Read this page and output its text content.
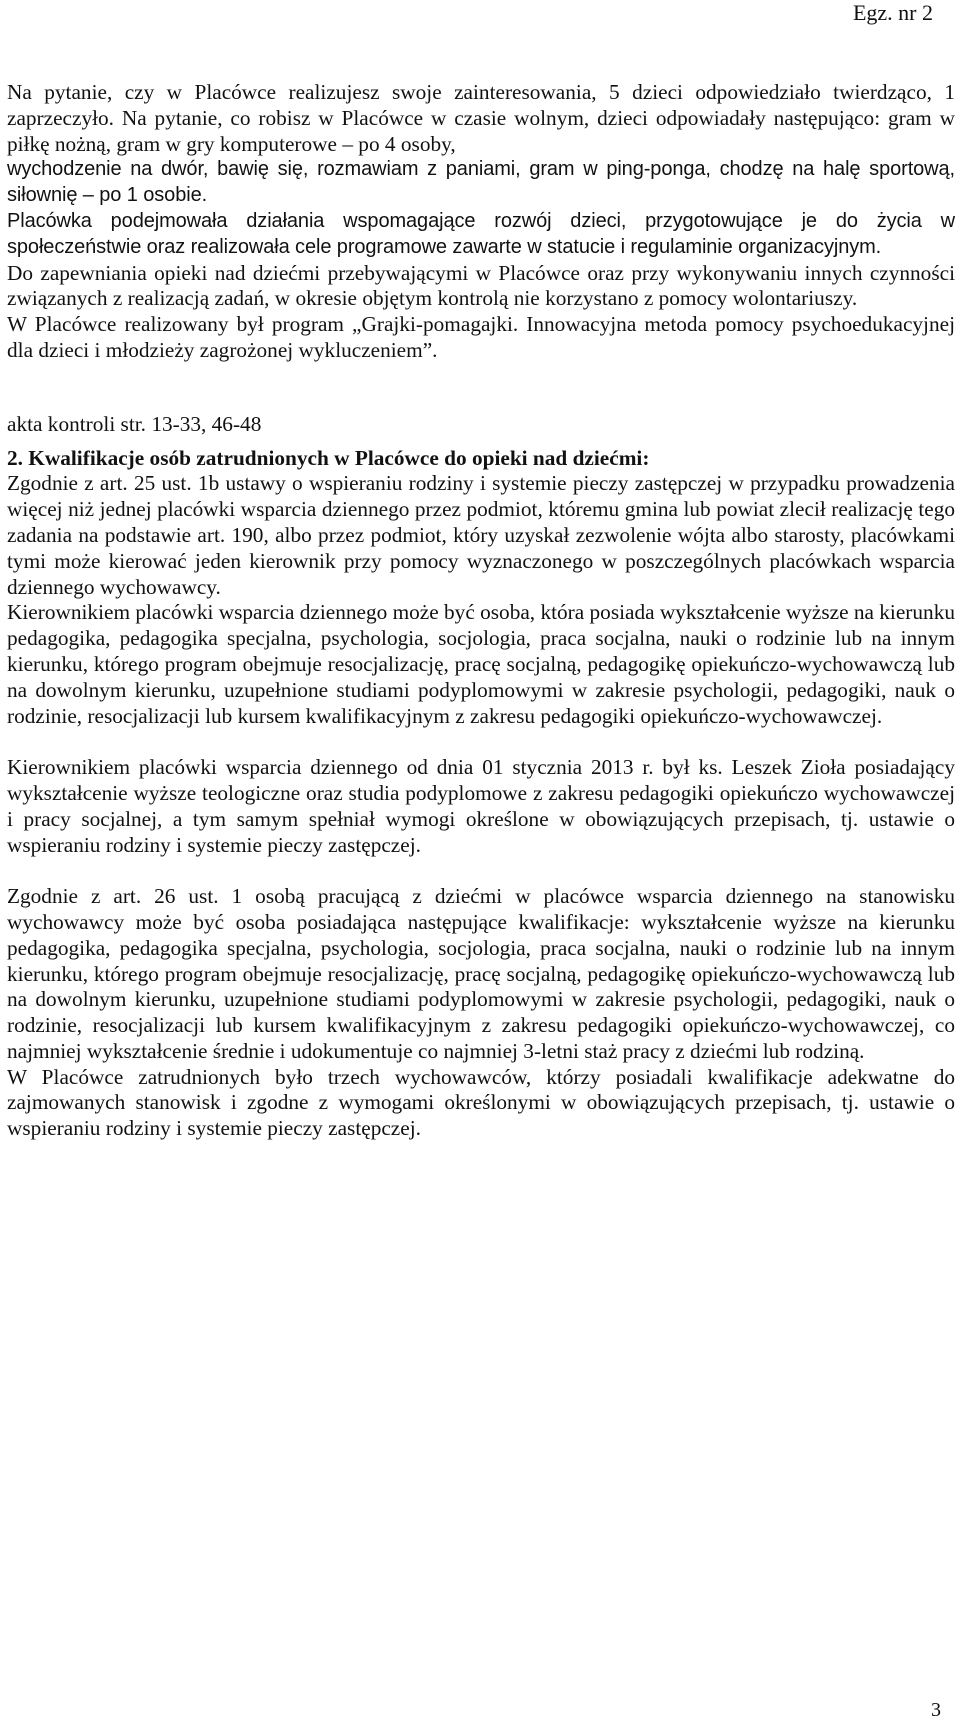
Egz. nr 2

Na pytanie, czy w Placówce realizujesz swoje zainteresowania, 5 dzieci odpowiedziało twierdząco, 1 zaprzeczyło. Na pytanie, co robisz w Placówce w czasie wolnym, dzieci odpowiadały następująco: gram w piłkę nożną, gram w gry komputerowe – po 4 osoby,

wychodzenie na dwór, bawię się, rozmawiam z paniami, gram w ping-ponga, chodzę na halę sportową, siłownię – po 1 osobie.

Placówka podejmowała działania wspomagające rozwój dzieci, przygotowujące je do życia w społeczeństwie oraz realizowała cele programowe zawarte w statucie i regulaminie organizacyjnym.

Do zapewniania opieki nad dziećmi przebywającymi w Placówce oraz przy wykonywaniu innych czynności związanych z realizacją zadań, w okresie objętym kontrolą nie korzystano z pomocy wolontariuszy.

W Placówce realizowany był program „Grajki-pomagajki. Innowacyjna metoda pomocy psychoedukacyjnej dla dzieci i młodzieży zagrożonej wykluczeniem”.

akta kontroli str. 13-33, 46-48

2. Kwalifikacje osób zatrudnionych w Placówce do opieki nad dziećmi:

Zgodnie z art. 25 ust. 1b ustawy o wspieraniu rodziny i systemie pieczy zastępczej w przypadku prowadzenia więcej niż jednej placówki wsparcia dziennego przez podmiot, któremu gmina lub powiat zlecił realizację tego zadania na podstawie art. 190, albo przez podmiot, który uzyskał zezwolenie wójta albo starosty, placówkami tymi może kierować jeden kierownik przy pomocy wyznaczonego w poszczególnych placówkach wsparcia dziennego wychowawcy.

Kierownikiem placówki wsparcia dziennego może być osoba, która posiada wykształcenie wyższe na kierunku pedagogika, pedagogika specjalna, psychologia, socjologia, praca socjalna, nauki o rodzinie lub na innym kierunku, którego program obejmuje resocjalizację, pracę socjalną, pedagogikę opiekuńczo-wychowawczą lub na dowolnym kierunku, uzupełnione studiami podyplomowymi w zakresie psychologii, pedagogiki, nauk o rodzinie, resocjalizacji lub kursem kwalifikacyjnym z zakresu pedagogiki opiekuńczo-wychowawczej.

Kierownikiem placówki wsparcia dziennego od dnia 01 stycznia 2013 r. był ks. Leszek Zioła posiadający wykształcenie wyższe teologiczne oraz studia podyplomowe z zakresu pedagogiki opiekuńczo wychowawczej i pracy socjalnej, a tym samym spełniał wymogi określone w obowiązujących przepisach, tj. ustawie o wspieraniu rodziny i systemie pieczy zastępczej.

Zgodnie z art. 26 ust. 1 osobą pracującą z dziećmi w placówce wsparcia dziennego na stanowisku wychowawcy może być osoba posiadająca następujące kwalifikacje: wykształcenie wyższe na kierunku pedagogika, pedagogika specjalna, psychologia, socjologia, praca socjalna, nauki o rodzinie lub na innym kierunku, którego program obejmuje resocjalizację, pracę socjalną, pedagogikę opiekuńczo-wychowawczą lub na dowolnym kierunku, uzupełnione studiami podyplomowymi w zakresie psychologii, pedagogiki, nauk o rodzinie, resocjalizacji lub kursem kwalifikacyjnym z zakresu pedagogiki opiekuńczo-wychowawczej, co najmniej wykształcenie średnie i udokumentuje co najmniej 3-letni staż pracy z dziećmi lub rodziną.

W Placówce zatrudnionych było trzech wychowawców, którzy posiadali kwalifikacje adekwatne do zajmowanych stanowisk i zgodne z wymogami określonymi w obowiązujących przepisach, tj. ustawie o wspieraniu rodziny i systemie pieczy zastępczej.

3
